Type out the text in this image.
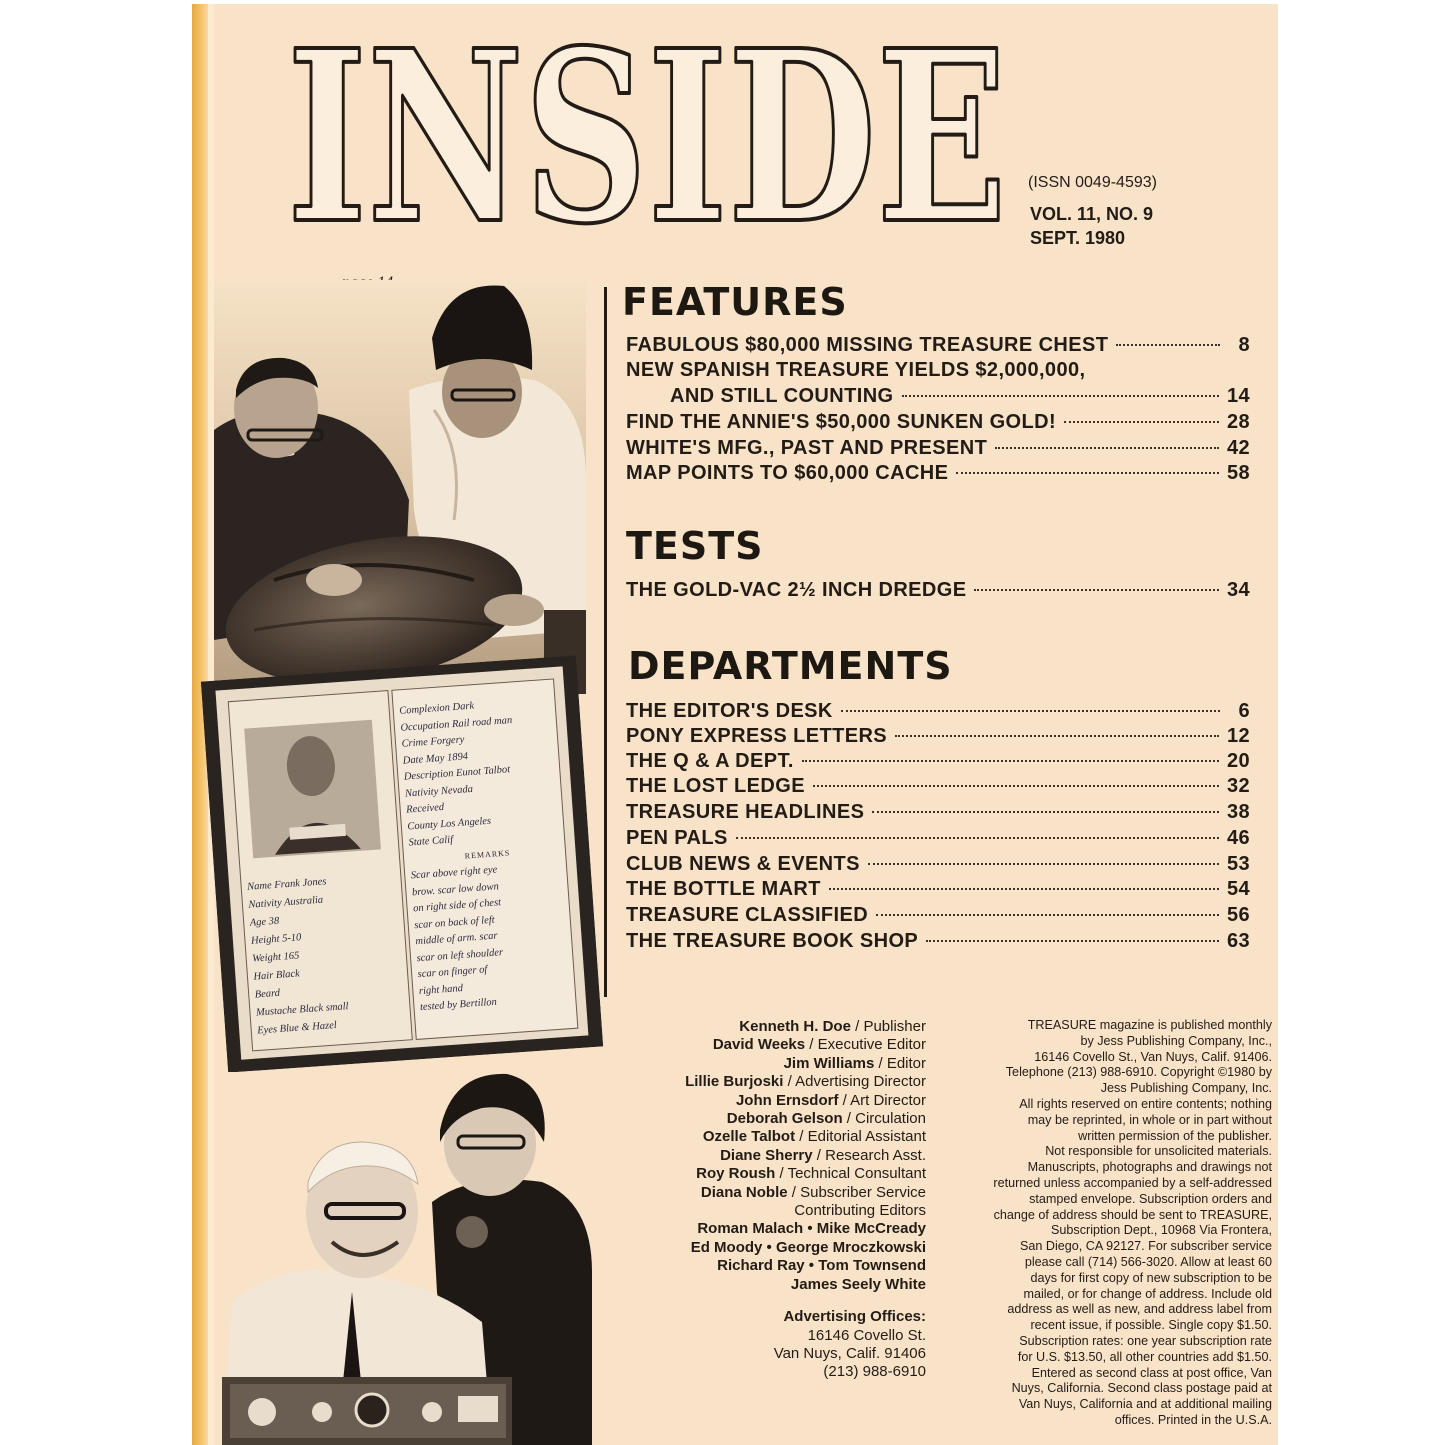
INSIDE (ISSN 0049-4593)
VOL. 11, NO. 9
SEPT. 1980
Complexion Dark
Occupation Rail road man
Crime Forgery
Date May 1894
Description Eunot Talbot
Nativity Nevada
Received
County Los Angeles
State Calif
REMARKS
Scar above right eye
brow. scar low down
on right side of chest
scar on back of left
middle of arm. scar
scar on left shoulder
scar on finger of
right hand
tested by Bertillon
Name Frank Jones
Nativity Australia
Age 38
Height 5-10
Weight 165
Hair Black
Beard
Mustache Black small
Eyes Blue & Hazel
FEATURES
TESTS
DEPARTMENTS
FABULOUS $80,000 MISSING TREASURE CHEST	8
NEW SPANISH TREASURE YIELDS $2,000,000,
AND STILL COUNTING	14
FIND THE ANNIE'S $50,000 SUNKEN GOLD!	28
WHITE'S MFG., PAST AND PRESENT	42
MAP POINTS TO $60,000 CACHE	58
THE GOLD-VAC 2½ INCH DREDGE	34
THE EDITOR'S DESK	6
PONY EXPRESS LETTERS	12
THE Q & A DEPT.	20
THE LOST LEDGE	32
TREASURE HEADLINES	38
PEN PALS	46
CLUB NEWS & EVENTS	53
THE BOTTLE MART	54
TREASURE CLASSIFIED	56
THE TREASURE BOOK SHOP	63
Kenneth H. Doe / Publisher
David Weeks / Executive Editor
Jim Williams / Editor
Lillie Burjoski / Advertising Director
John Ernsdorf / Art Director
Deborah Gelson / Circulation
Ozelle Talbot / Editorial Assistant
Diane Sherry / Research Asst.
Roy Roush / Technical Consultant
Diana Noble / Subscriber Service
Contributing Editors
Roman Malach • Mike McCready
Ed Moody • George Mroczkowski
Richard Ray • Tom Townsend
James Seely White
Advertising Offices:
16146 Covello St.
Van Nuys, Calif. 91406
(213) 988-6910
TREASURE magazine is published monthly
by Jess Publishing Company, Inc.,
16146 Covello St., Van Nuys, Calif. 91406.
Telephone (213) 988-6910. Copyright ©1980 by
Jess Publishing Company, Inc.
All rights reserved on entire contents; nothing
may be reprinted, in whole or in part without
written permission of the publisher.
Not responsible for unsolicited materials.
Manuscripts, photographs and drawings not
returned unless accompanied by a self-addressed
stamped envelope. Subscription orders and
change of address should be sent to TREASURE,
Subscription Dept., 10968 Via Frontera,
San Diego, CA 92127. For subscriber service
please call (714) 566-3020. Allow at least 60
days for first copy of new subscription to be
mailed, or for change of address. Include old
address as well as new, and address label from
recent issue, if possible. Single copy $1.50.
Subscription rates: one year subscription rate
for U.S. $13.50, all other countries add $1.50.
Entered as second class at post office, Van
Nuys, California. Second class postage paid at
Van Nuys, California and at additional mailing
offices. Printed in the U.S.A.
